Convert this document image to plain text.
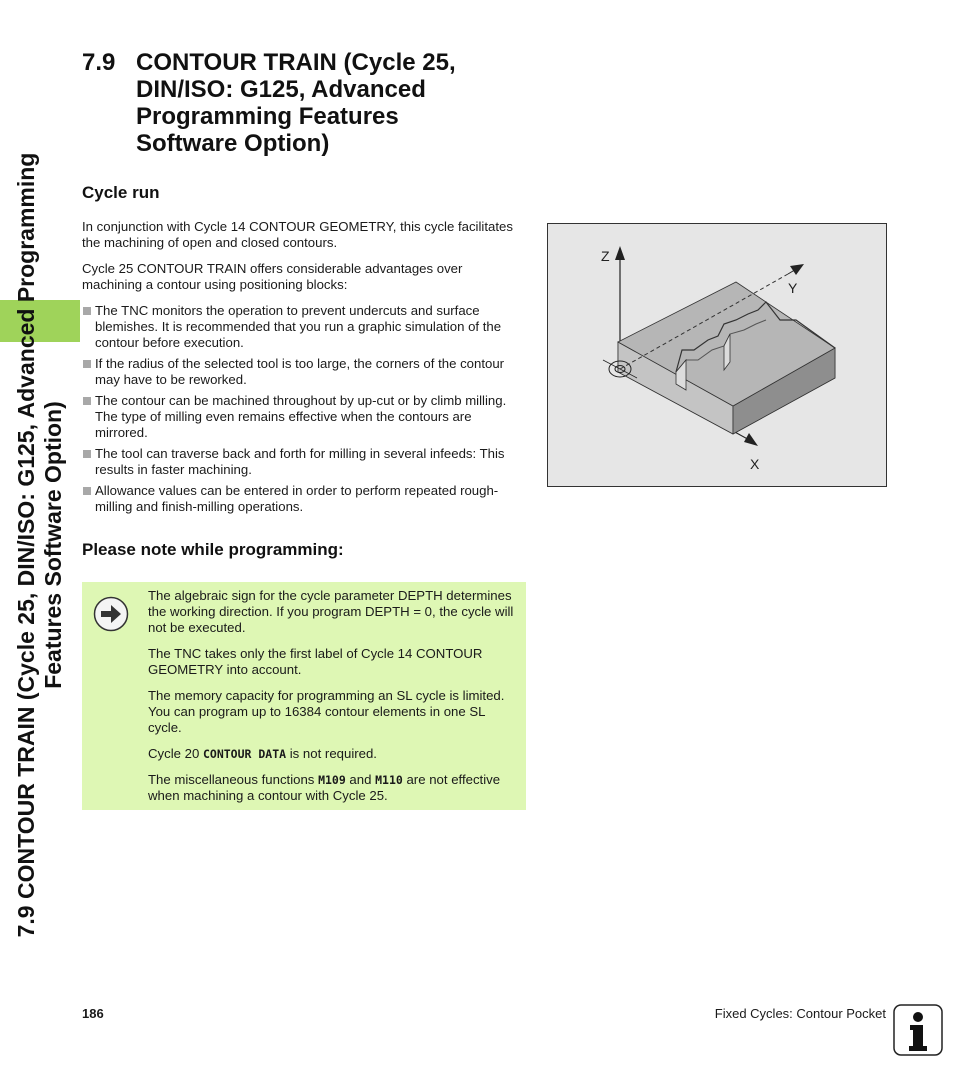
7.9 CONTOUR TRAIN (Cycle 25, DIN/ISO: G125, Advanced Programming Features Software Option)
7.9 CONTOUR TRAIN (Cycle 25, DIN/ISO: G125, Advanced Programming Features Software Option)
Cycle run

In conjunction with Cycle 14 CONTOUR GEOMETRY, this cycle facilitates the machining of open and closed contours.

Cycle 25 CONTOUR TRAIN offers considerable advantages over machining a contour using positioning blocks:

The TNC monitors the operation to prevent undercuts and surface blemishes. It is recommended that you run a graphic simulation of the contour before execution.
If the radius of the selected tool is too large, the corners of the contour may have to be reworked.
The contour can be machined throughout by up-cut or by climb milling. The type of milling even remains effective when the contours are mirrored.
The tool can traverse back and forth for milling in several infeeds: This results in faster machining.
Allowance values can be entered in order to perform repeated rough-milling and finish-milling operations.
Z
Y
X
Please note while programming:

The algebraic sign for the cycle parameter DEPTH determines the working direction. If you program DEPTH = 0, the cycle will not be executed.

The TNC takes only the first label of Cycle 14 CONTOUR GEOMETRY into account.

The memory capacity for programming an SL cycle is limited. You can program up to 16384 contour elements in one SL cycle.

Cycle 20 CONTOUR DATA is not required.

The miscellaneous functions M109 and M110 are not effective when machining a contour with Cycle 25.

186	Fixed Cycles: Contour Pocket
